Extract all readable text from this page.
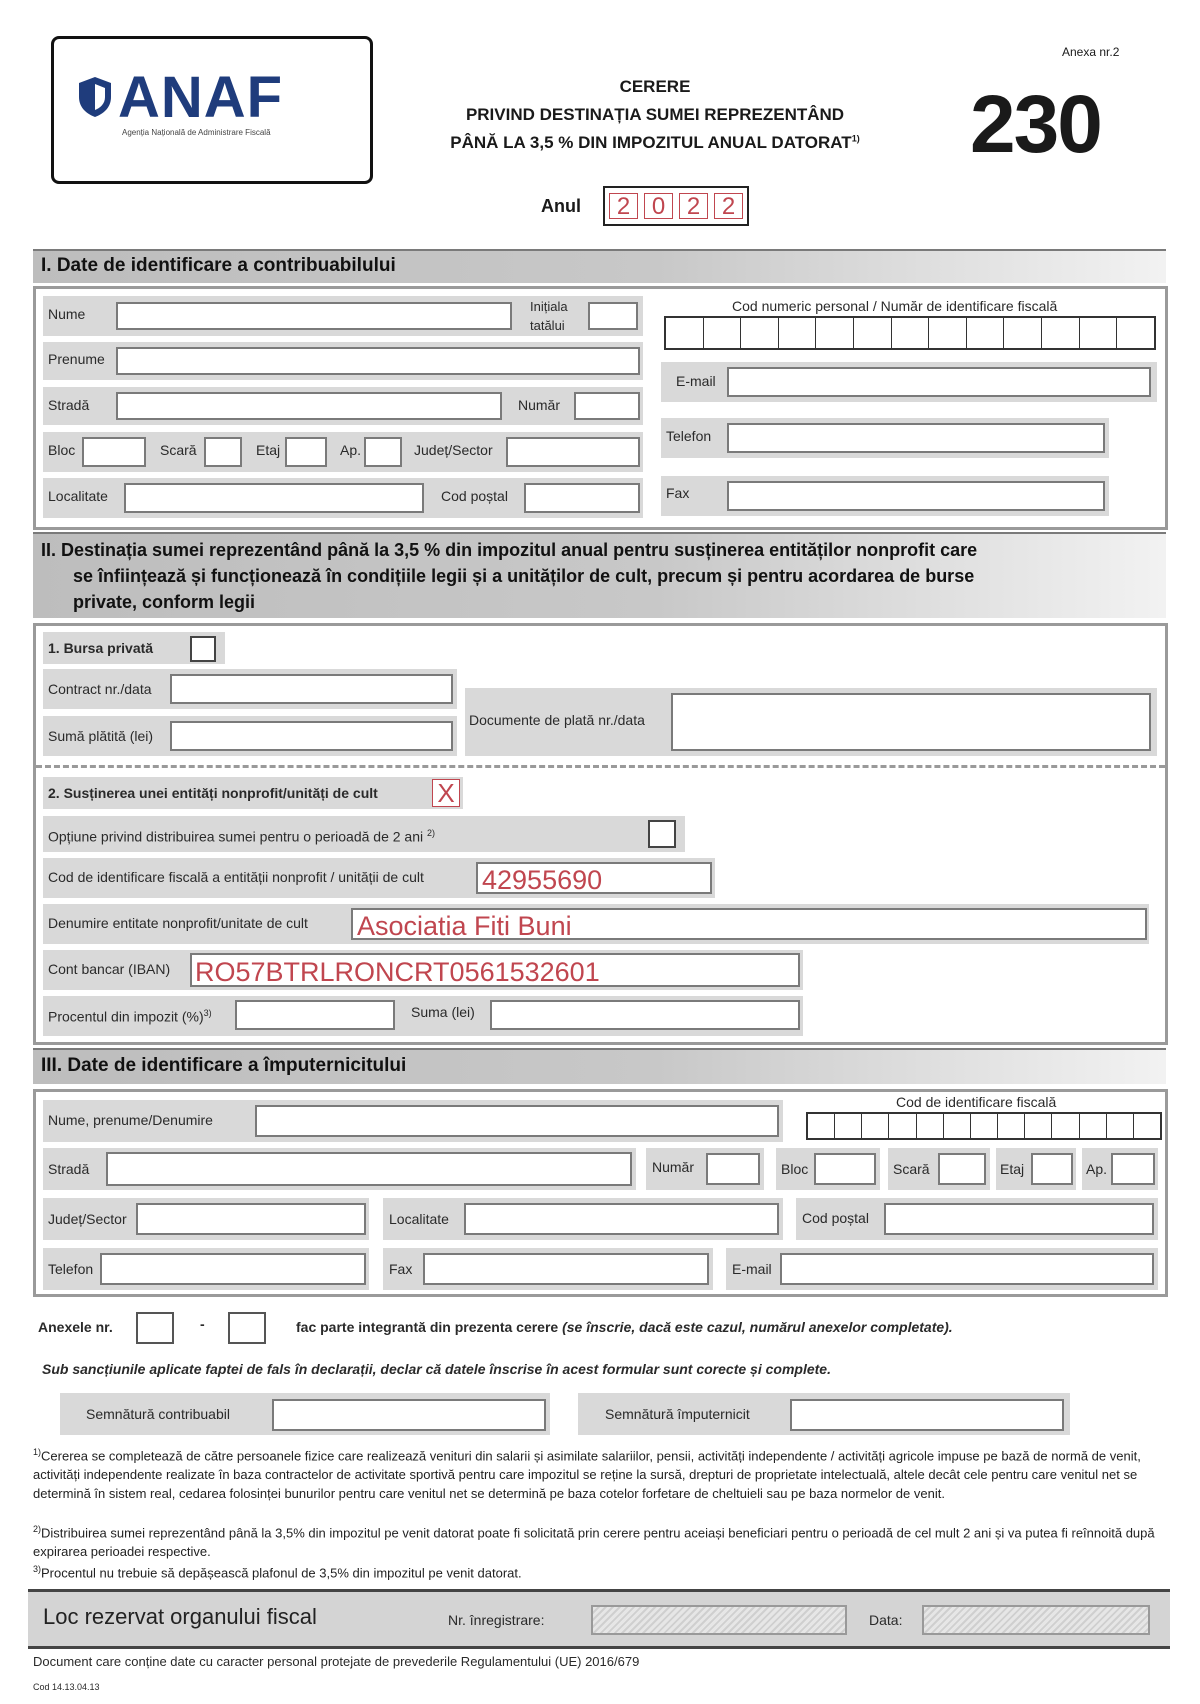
ANAF
Agenția Națională de Administrare Fiscală
CERERE
PRIVIND DESTINAȚIA SUMEI REPREZENTÂND
PÂNĂ LA 3,5 % DIN IMPOZITUL ANUAL DATORAT$^{1)}$
Anexa nr.2
230
Anul	2 0 2 2
I. Date de identificare a contribuabilului
Nume	Inițiala
tatălui
Prenume
Stradă	Număr
Bloc	Scară	Etaj	Ap.	Județ/Sector
Localitate	Cod poștal
Cod numeric personal / Număr de identificare fiscală
E-mail
Telefon
Fax
II. Destinația sumei reprezentând până la 3,5 % din impozitul anual pentru susținerea entităților nonprofit care
se înființează și funcționează în condițiile legii și a unităților de cult, precum și pentru acordarea de burse
private, conform legii
1. Bursa privată
Contract nr./data
Sumă plătită (lei)
Documente de plată nr./data
2. Susținerea unei entități nonprofit/unități de cult X
Opțiune privind distribuirea sumei pentru o perioadă de 2 ani $^{2)}$
Cod de identificare fiscală a entității nonprofit / unității de cult 42955690
Denumire entitate nonprofit/unitate de cult Asociatia Fiti Buni
Cont bancar (IBAN) RO57BTRLRONCRT0561532601
Procentul din impozit (%)$^{3)}$	Suma (lei)
III. Date de identificare a împuternicitului
Nume, prenume/Denumire
Cod de identificare fiscală
Stradă	Număr	Bloc	Scară	Etaj	Ap.
Județ/Sector	Localitate	Cod poștal
Telefon	Fax	E-mail
Anexele nr.	-	fac parte integrantă din prezenta cerere (se înscrie, dacă este cazul, numărul anexelor completate).
Sub sancțiunile aplicate faptei de fals în declarații, declar că datele înscrise în acest formular sunt corecte și complete.
Semnătură contribuabil	Semnătură împuternicit
$^{1)}$Cererea se completează de către persoanele fizice care realizează venituri din salarii și asimilate salariilor, pensii, activități independente / activități agricole impuse pe bază de normă de venit, activități independente realizate în baza contractelor de activitate sportivă pentru care impozitul se reține la sursă, drepturi de proprietate intelectuală, altele decât cele pentru care venitul net se determină în sistem real, cedarea folosinței bunurilor pentru care venitul net se determină pe baza cotelor forfetare de cheltuieli sau pe baza normelor de venit.
$^{2)}$Distribuirea sumei reprezentând până la 3,5% din impozitul pe venit datorat poate fi solicitată prin cerere pentru aceiași beneficiari pentru o perioadă de cel mult 2 ani și va putea fi reînnoită după expirarea perioadei respective.
$^{3)}$Procentul nu trebuie să depășească plafonul de 3,5% din impozitul pe venit datorat.
Loc rezervat organului fiscal	Nr. înregistrare:	Data:
Document care conține date cu caracter personal protejate de prevederile Regulamentului (UE) 2016/679
Cod 14.13.04.13
